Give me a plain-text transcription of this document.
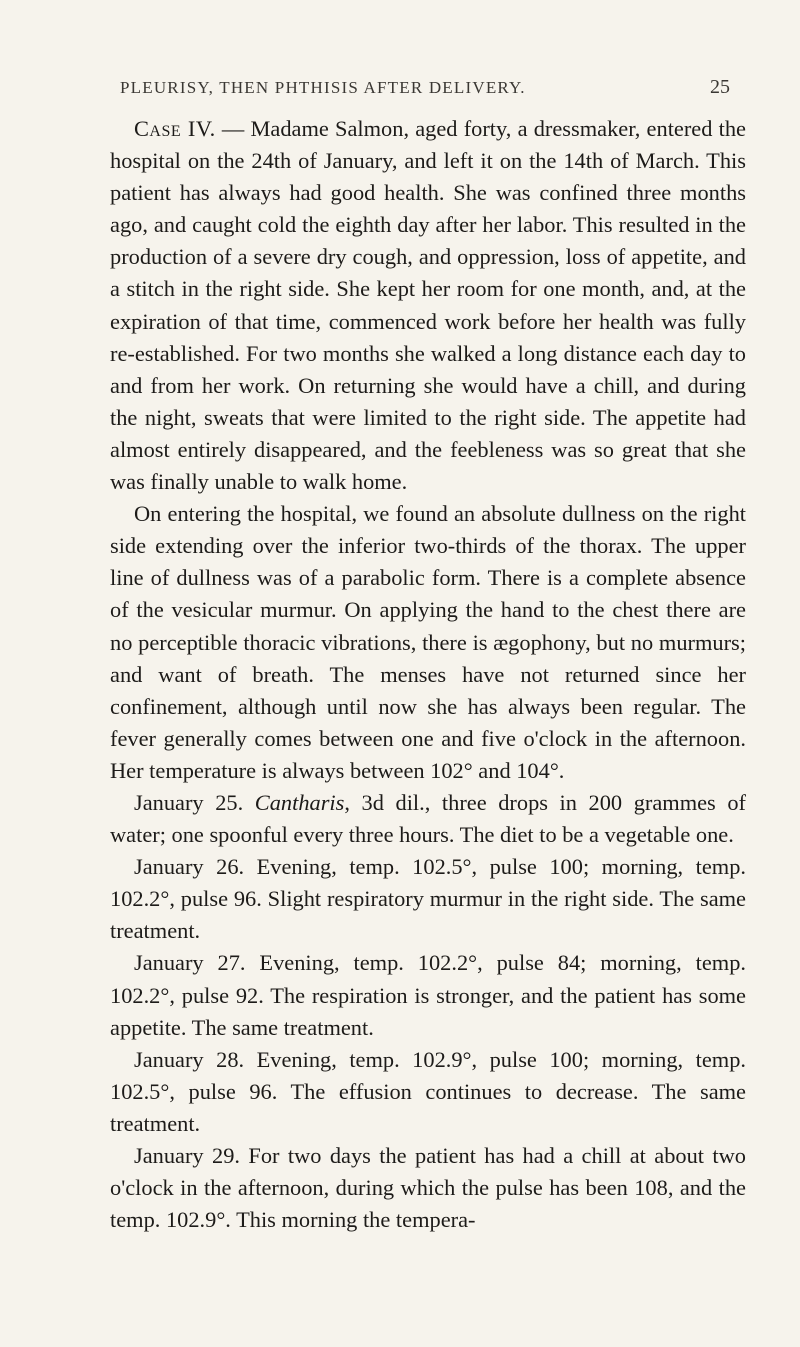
PLEURISY, THEN PHTHISIS AFTER DELIVERY.	25

Case IV. — Madame Salmon, aged forty, a dressmaker, entered the hospital on the 24th of January, and left it on the 14th of March. This patient has always had good health. She was confined three months ago, and caught cold the eighth day after her labor. This resulted in the production of a severe dry cough, and oppression, loss of appetite, and a stitch in the right side. She kept her room for one month, and, at the expiration of that time, commenced work before her health was fully re-established. For two months she walked a long distance each day to and from her work. On returning she would have a chill, and during the night, sweats that were limited to the right side. The appetite had almost entirely disappeared, and the feebleness was so great that she was finally unable to walk home.

On entering the hospital, we found an absolute dullness on the right side extending over the inferior two-thirds of the thorax. The upper line of dullness was of a parabolic form. There is a complete absence of the vesicular murmur. On applying the hand to the chest there are no perceptible thoracic vibrations, there is ægophony, but no murmurs; and want of breath. The menses have not returned since her confinement, although until now she has always been regular. The fever generally comes between one and five o'clock in the afternoon. Her temperature is always between 102° and 104°.

January 25. Cantharis, 3d dil., three drops in 200 grammes of water; one spoonful every three hours. The diet to be a vegetable one.

January 26. Evening, temp. 102.5°, pulse 100; morning, temp. 102.2°, pulse 96. Slight respiratory murmur in the right side. The same treatment.

January 27. Evening, temp. 102.2°, pulse 84; morning, temp. 102.2°, pulse 92. The respiration is stronger, and the patient has some appetite. The same treatment.

January 28. Evening, temp. 102.9°, pulse 100; morning, temp. 102.5°, pulse 96. The effusion continues to decrease. The same treatment.

January 29. For two days the patient has had a chill at about two o'clock in the afternoon, during which the pulse has been 108, and the temp. 102.9°. This morning the tempera-
